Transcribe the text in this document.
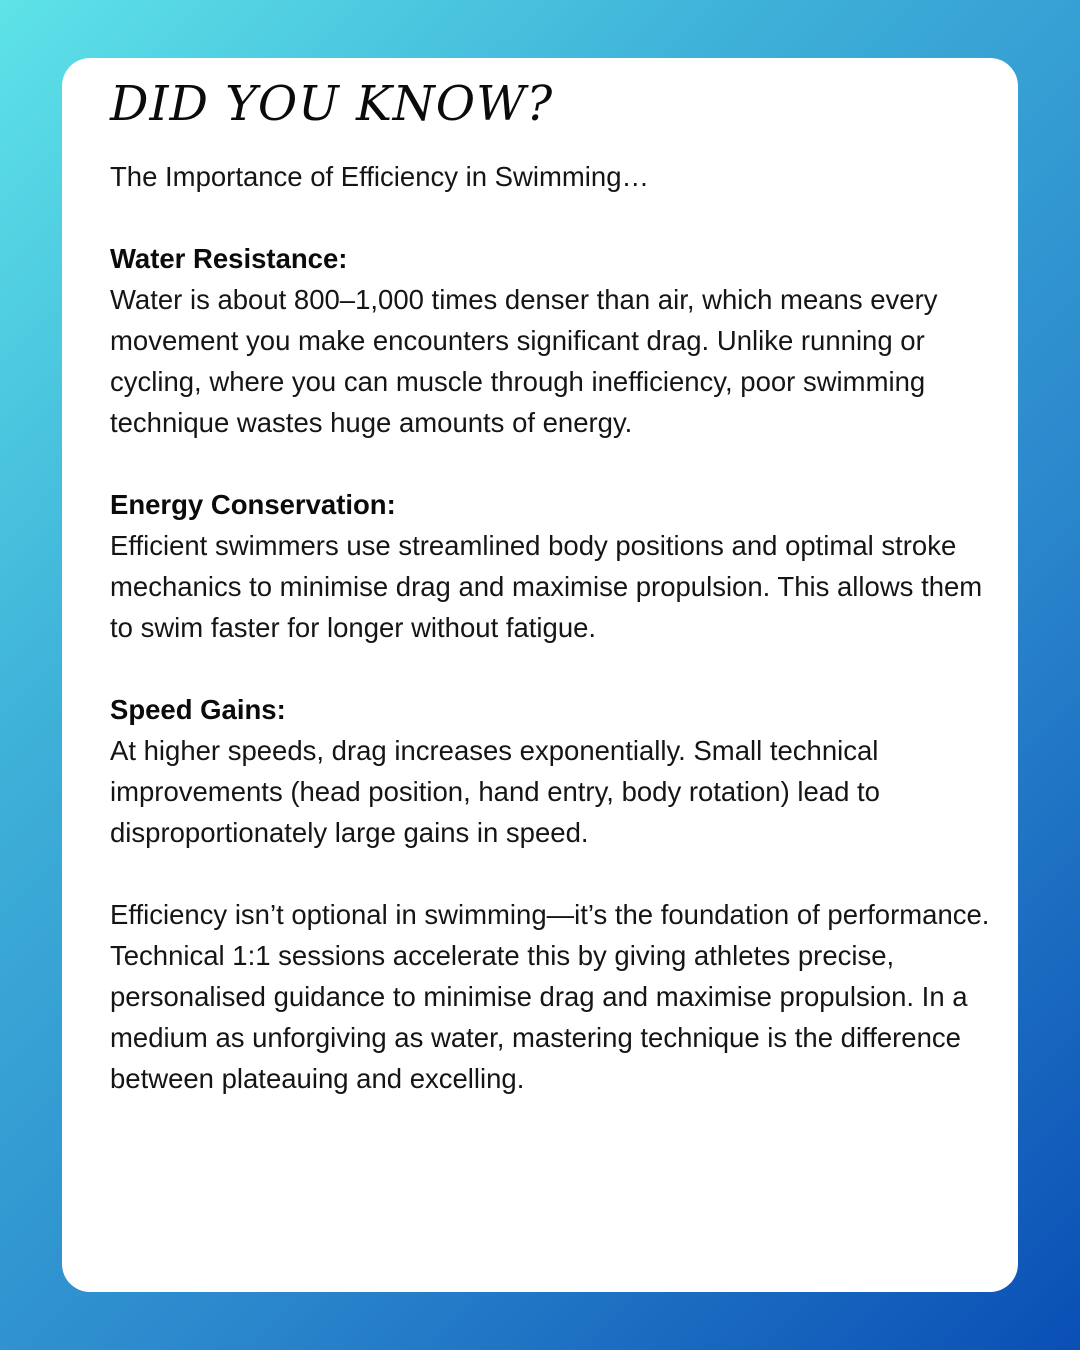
DID YOU KNOW?

The Importance of Efficiency in Swimming…

Water Resistance:

Water is about 800–1,000 times denser than air, which means every movement you make encounters significant drag. Unlike running or cycling, where you can muscle through inefficiency, poor swimming technique wastes huge amounts of energy.

Energy Conservation:

Efficient swimmers use streamlined body positions and optimal stroke mechanics to minimise drag and maximise propulsion. This allows them to swim faster for longer without fatigue.

Speed Gains:

At higher speeds, drag increases exponentially. Small technical improvements (head position, hand entry, body rotation) lead to disproportionately large gains in speed.

Efficiency isn’t optional in swimming—it’s the foundation of performance. Technical 1:1 sessions accelerate this by giving athletes precise, personalised guidance to minimise drag and maximise propulsion. In a medium as unforgiving as water, mastering technique is the difference between plateauing and excelling.
